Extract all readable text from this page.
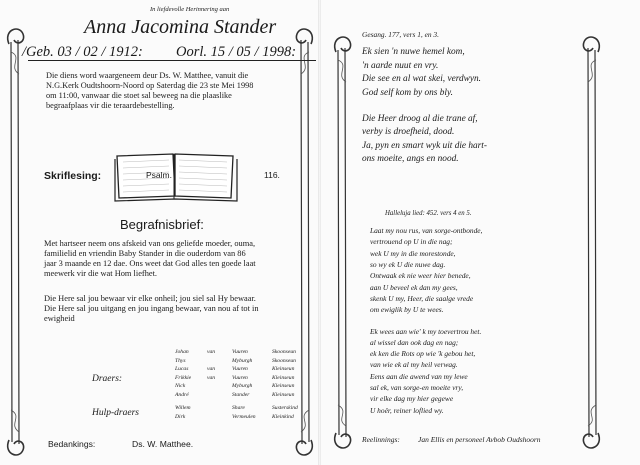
In liefdevolle Herinnering aan
Anna Jacomina Stander
/Geb. 03 / 02 / 1912: Oorl. 15 / 05 / 1998:
Die diens word waargeneem deur Ds. W. Matthee, vanuit die
N.G.Kerk Oudtshoorn-Noord op Saterdag die 23 ste Mei 1998
om 11:00, vanwaar die stoet sal beweeg na die plaaslike
begraafplaas vir die teraardebestelling.
Skriflesing:	Psalm.	116.
Begrafnisbrief:
Met hartseer neem ons afskeid van ons geliefde moeder, ouma,
familielid en vriendin Baby Stander in die ouderdom van 86
jaar 3 maande en 12 dae. Ons weet dat God alles ten goede laat
meewerk vir die wat Hom liefhet.
Die Here sal jou bewaar vir elke onheil; jou siel sal Hy bewaar.
Die Here sal jou uitgang en jou ingang bewaar, van nou af tot in
ewigheid
Draers:
Johan	van	Vuuren	Skoonseun
Thys	Myburgh	Skoonseun
Lucas	van	Vuuren	Kleinseun
Frikkie	van	Vuuren	Kleinseun
Nick	Myburgh	Kleinseun
André	Stander	Kleinseun
Hulp-draers	Willem	Share	Susterskind
Dirk	Vermeulen	Kleinkind
Bedankings:	Ds. W. Matthee.
Gesang. 177, vers 1, en 3.
Ek sien 'n nuwe hemel kom,
'n aarde nuut en vry.
Die see en al wat skei, verdwyn.
God self kom by ons bly.
Die Heer droog al die trane af,
verby is droefheid, dood.
Ja, pyn en smart wyk uit die hart-
ons moeite, angs en nood.
Halleluja lied: 452. vers 4 en 5.
Laat my nou rus, van sorge-ontbonde,
vertrouend op U in die nag;
wek U my in die morestonde,
so wy ek U die nuwe dag.
Ontwaak ek nie weer hier benede,
aan U beveel ek dan my gees,
skenk U my, Heer, die saalge vrede
om ewiglik by U te wees.
Ek wees aan wie' k my toevertrou het.
al wissel dan ook dag en nag;
ek ken die Rots op wie 'k gebou het,
van wie ek al my heil verwag.
Eens aan die awend van my lewe
sal ek, van sorge-en moeite vry,
vir elke dag my hier gegewe
U hoër, reiner loflied wy.
Reelinnings: Jan Ellis en personeel Avbob Oudshoorn
